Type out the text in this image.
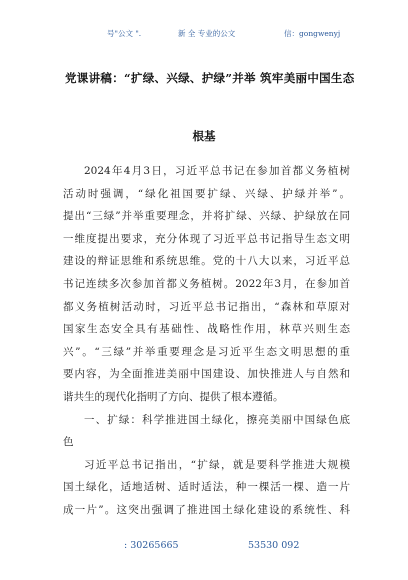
号"公文 ".	新 全 专业的公文	信：gongwenyj
党课讲稿：“扩绿、兴绿、护绿”并举 筑牢美丽中国生态
根基
2024年4月3日，习近平总书记在参加首都义务植树
活动时强调，“绿化祖国要扩绿、兴绿、护绿并举”。
提出“三绿”并举重要理念，并将扩绿、兴绿、护绿放在同
一维度提出要求，充分体现了习近平总书记指导生态文明
建设的辩证思维和系统思维。党的十八大以来，习近平总
书记连续多次参加首都义务植树。2022年3月，在参加首
都义务植树活动时，习近平总书记指出，“森林和草原对
国家生态安全具有基础性、战略性作用，林草兴则生态
兴”。“三绿”并举重要理念是习近平生态文明思想的重
要内容，为全面推进美丽中国建设、加快推进人与自然和
谐共生的现代化指明了方向、提供了根本遵循。
一、扩绿：科学推进国土绿化，擦亮美丽中国绿色底
色
习近平总书记指出，“扩绿，就是要科学推进大规模
国土绿化，适地适树、适时适法，种一棵活一棵、造一片
成一片”。这突出强调了推进国土绿化建设的系统性、科
: 30265665	53530 092
